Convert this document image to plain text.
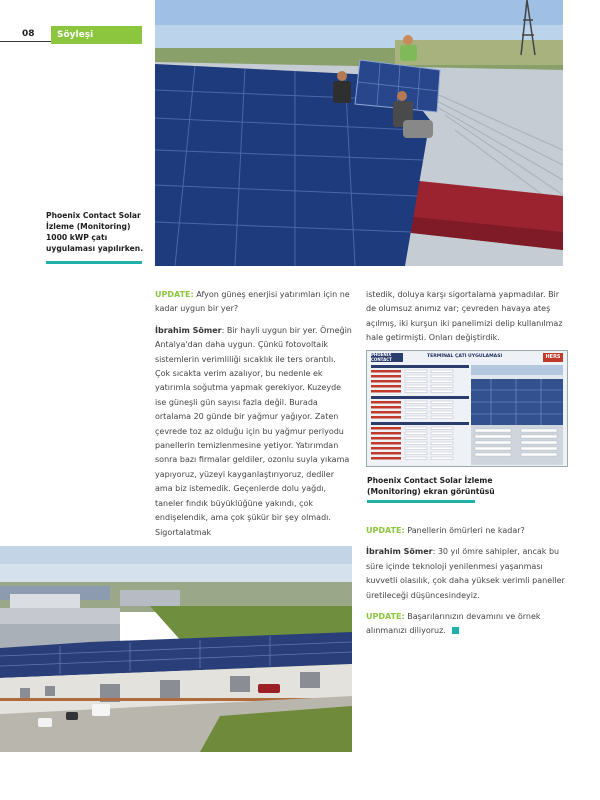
08	Söyleşi
Phoenix Contact Solar İzleme (Monitoring) 1000 kWP çatı uygulaması yapılırken.

UPDATE: Afyon güneş enerjisi yatırımları için ne kadar uygun bir yer?

İbrahim Sömer: Bir hayli uygun bir yer. Örneğin Antalya'dan daha uygun. Çünkü fotovoltaik sistemlerin verimliliği sıcaklık ile ters orantılı. Çok sıcakta verim azalıyor, bu nedenle ek yatırımla soğutma yapmak gerekiyor. Kuzeyde ise güneşli gün sayısı fazla değil. Burada ortalama 20 günde bir yağmur yağıyor. Zaten çevrede toz az olduğu için bu yağmur periyodu panellerin temizlenmesine yetiyor. Yatırımdan sonra bazı firmalar geldiler, ozonlu suyla yıkama yapıyoruz, yüzeyi kayganlaştırıyoruz, dediler ama biz istemedik. Geçenlerde dolu yağdı, taneler fındık büyüklüğüne yakındı, çok endişelendik, ama çok şükür bir şey olmadı. Sigortalatmak

istedik, doluya karşı sigortalama yapmadılar. Bir de olumsuz anımız var; çevreden havaya ateş açılmış, iki kurşun iki panelimizi delip kullanılmaz hale getirmişti. Onları değiştirdik.

PHOENIX CONTACT	TERMİNAL ÇATI UYGULAMASI	HERS
Phoenix Contact Solar İzleme (Monitoring) ekran görüntüsü

UPDATE: Panellerin ömürleri ne kadar?

İbrahim Sömer: 30 yıl ömre sahipler, ancak bu süre içinde teknoloji yenilenmesi yaşanması kuvvetli olasılık, çok daha yüksek verimli paneller üretileceği düşüncesindeyiz.

UPDATE: Başarılarınızın devamını ve örnek alınmanızı diliyoruz.
